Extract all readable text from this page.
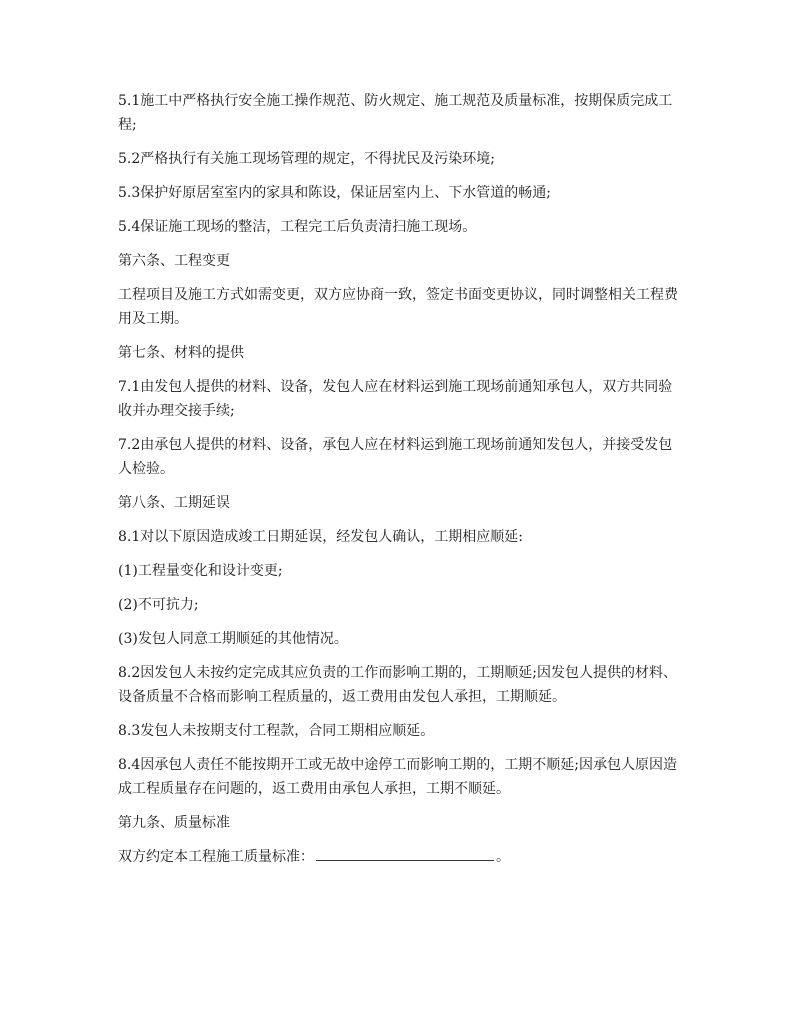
5.1施工中严格执行安全施工操作规范、防火规定、施工规范及质量标准，按期保质完成工程;

5.2严格执行有关施工现场管理的规定，不得扰民及污染环境;

5.3保护好原居室室内的家具和陈设，保证居室内上、下水管道的畅通;

5.4保证施工现场的整洁，工程完工后负责清扫施工现场。

第六条、工程变更

工程项目及施工方式如需变更，双方应协商一致，签定书面变更协议，同时调整相关工程费用及工期。

第七条、材料的提供

7.1由发包人提供的材料、设备，发包人应在材料运到施工现场前通知承包人，双方共同验收并办理交接手续;

7.2由承包人提供的材料、设备，承包人应在材料运到施工现场前通知发包人，并接受发包人检验。

第八条、工期延误

8.1对以下原因造成竣工日期延误，经发包人确认，工期相应顺延:

(1)工程量变化和设计变更;

(2)不可抗力;

(3)发包人同意工期顺延的其他情况。

8.2因发包人未按约定完成其应负责的工作而影响工期的，工期顺延;因发包人提供的材料、设备质量不合格而影响工程质量的，返工费用由发包人承担，工期顺延。

8.3发包人未按期支付工程款，合同工期相应顺延。

8.4因承包人责任不能按期开工或无故中途停工而影响工期的，工期不顺延;因承包人原因造成工程质量存在问题的，返工费用由承包人承担，工期不顺延。

第九条、质量标准

双方约定本工程施工质量标准：	。
